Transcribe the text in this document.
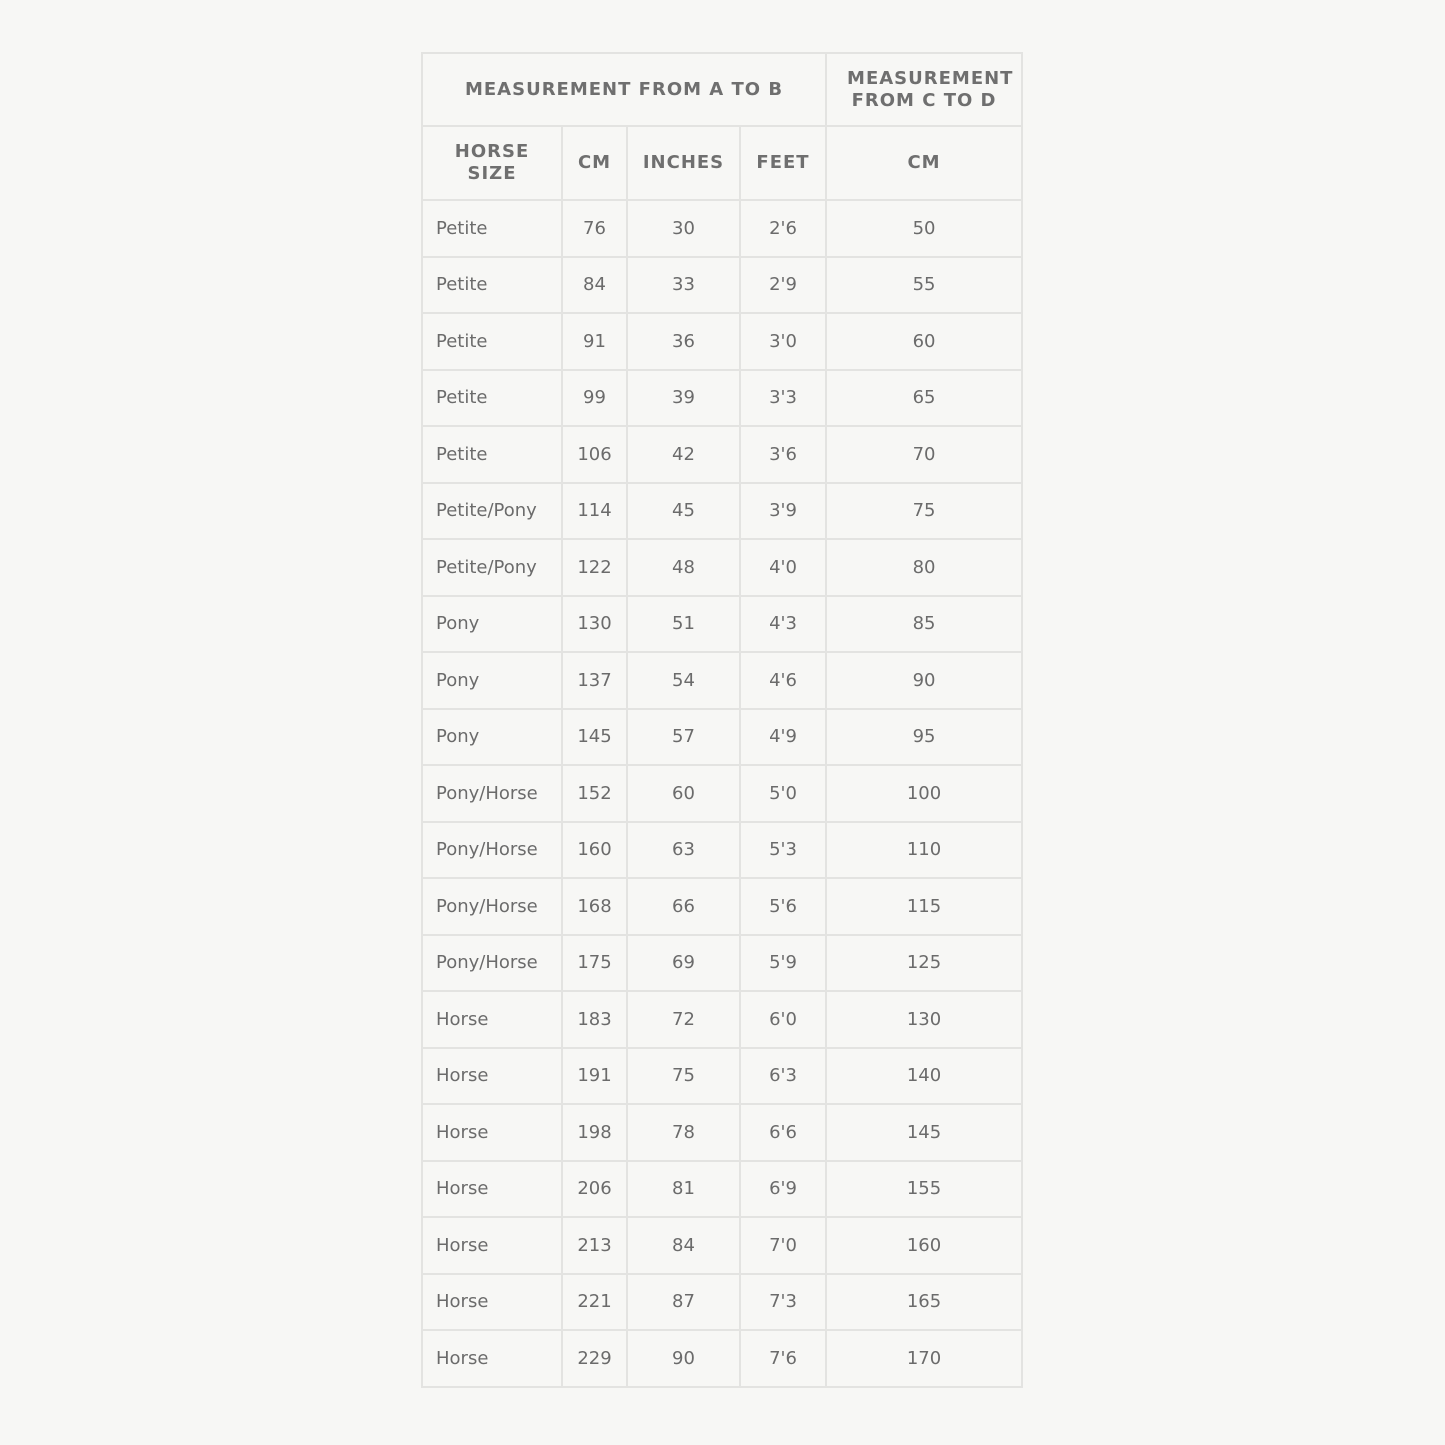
MEASUREMENT FROM A TO B				MEASUREMENT FROM C TO D
HORSE SIZE	CM	INCHES	FEET	CM
Petite	76	30	2'6	50
Petite	84	33	2'9	55
Petite	91	36	3'0	60
Petite	99	39	3'3	65
Petite	106	42	3'6	70
Petite/Pony	114	45	3'9	75
Petite/Pony	122	48	4'0	80
Pony	130	51	4'3	85
Pony	137	54	4'6	90
Pony	145	57	4'9	95
Pony/Horse	152	60	5'0	100
Pony/Horse	160	63	5'3	110
Pony/Horse	168	66	5'6	115
Pony/Horse	175	69	5'9	125
Horse	183	72	6'0	130
Horse	191	75	6'3	140
Horse	198	78	6'6	145
Horse	206	81	6'9	155
Horse	213	84	7'0	160
Horse	221	87	7'3	165
Horse	229	90	7'6	170
